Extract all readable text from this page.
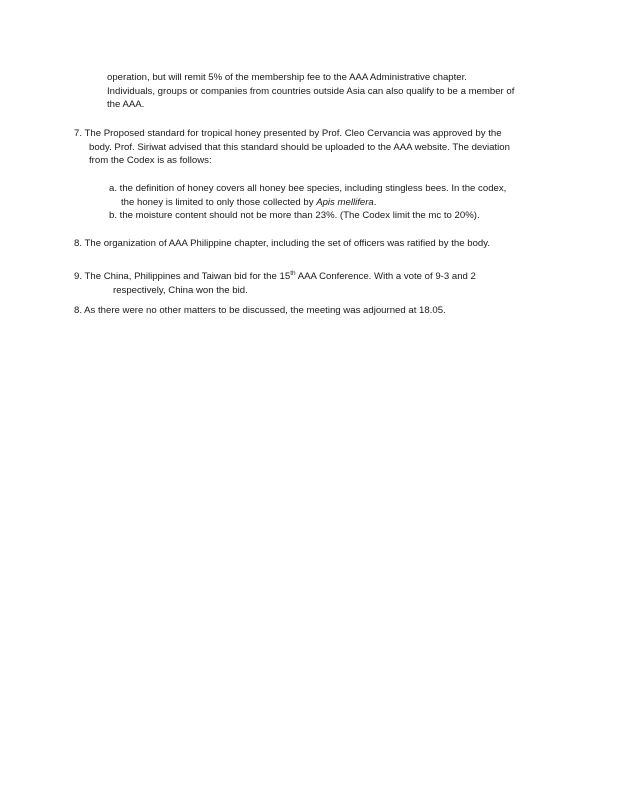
operation, but will remit 5% of the membership fee to the AAA Administrative chapter.
Individuals, groups or companies from countries outside Asia can also qualify to be a member of
the AAA.
7. The Proposed standard for tropical honey presented by Prof. Cleo Cervancia was approved by the
body. Prof. Siriwat advised that this standard should be uploaded to the AAA website. The deviation
from the Codex is as follows:
a. the definition of honey covers all honey bee species, including stingless bees. In the codex,
the honey is limited to only those collected by Apis mellifera.
b. the moisture content should not be more than 23%. (The Codex limit the mc to 20%).
8. The organization of AAA Philippine chapter, including the set of officers was ratified by the body.
9. The China, Philippines and Taiwan bid for the 15th AAA Conference. With a vote of 9-3 and 2
respectively, China won the bid.
8. As there were no other matters to be discussed, the meeting was adjourned at 18.05.
